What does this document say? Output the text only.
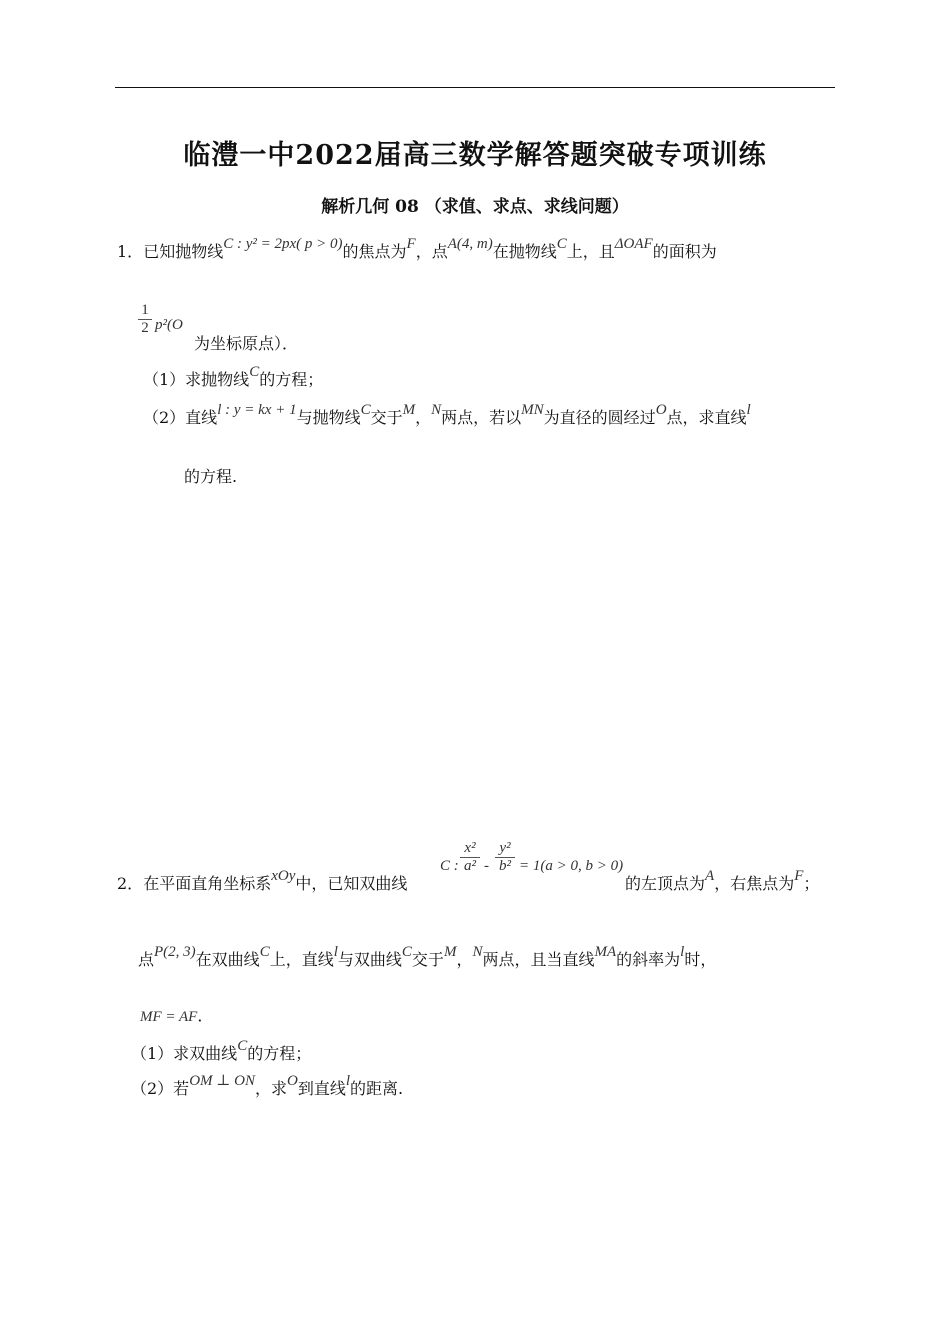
临澧一中2022届高三数学解答题突破专项训练
解析几何 08 （求值、求点、求线问题）
1．已知抛物线C : y² = 2px( p > 0)的焦点为F，点A(4, m)在抛物线C上，且ΔOAF的面积为
$\frac{1}{2} p^2(O$
为坐标原点）．
（1）求抛物线C的方程；
（2）直线l : y = kx + 1与抛物线C交于M，N两点，若以MN为直径的圆经过O点，求直线l
的方程.
2．在平面直角坐标系xOy中，已知双曲线
C : $\frac{\text{x²}}{\text{a²}} - \frac{\text{y²}}{\text{b²}} = 1(a > 0$, b > 0)
的左顶点为A，右焦点为F；
点P(2, 3)在双曲线C上，直线l与双曲线C交于M，N两点，且当直线MA的斜率为l时，
MF = AF．
（1）求双曲线C的方程；
（2）若OM ⊥ ON，求O到直线l的距离.
